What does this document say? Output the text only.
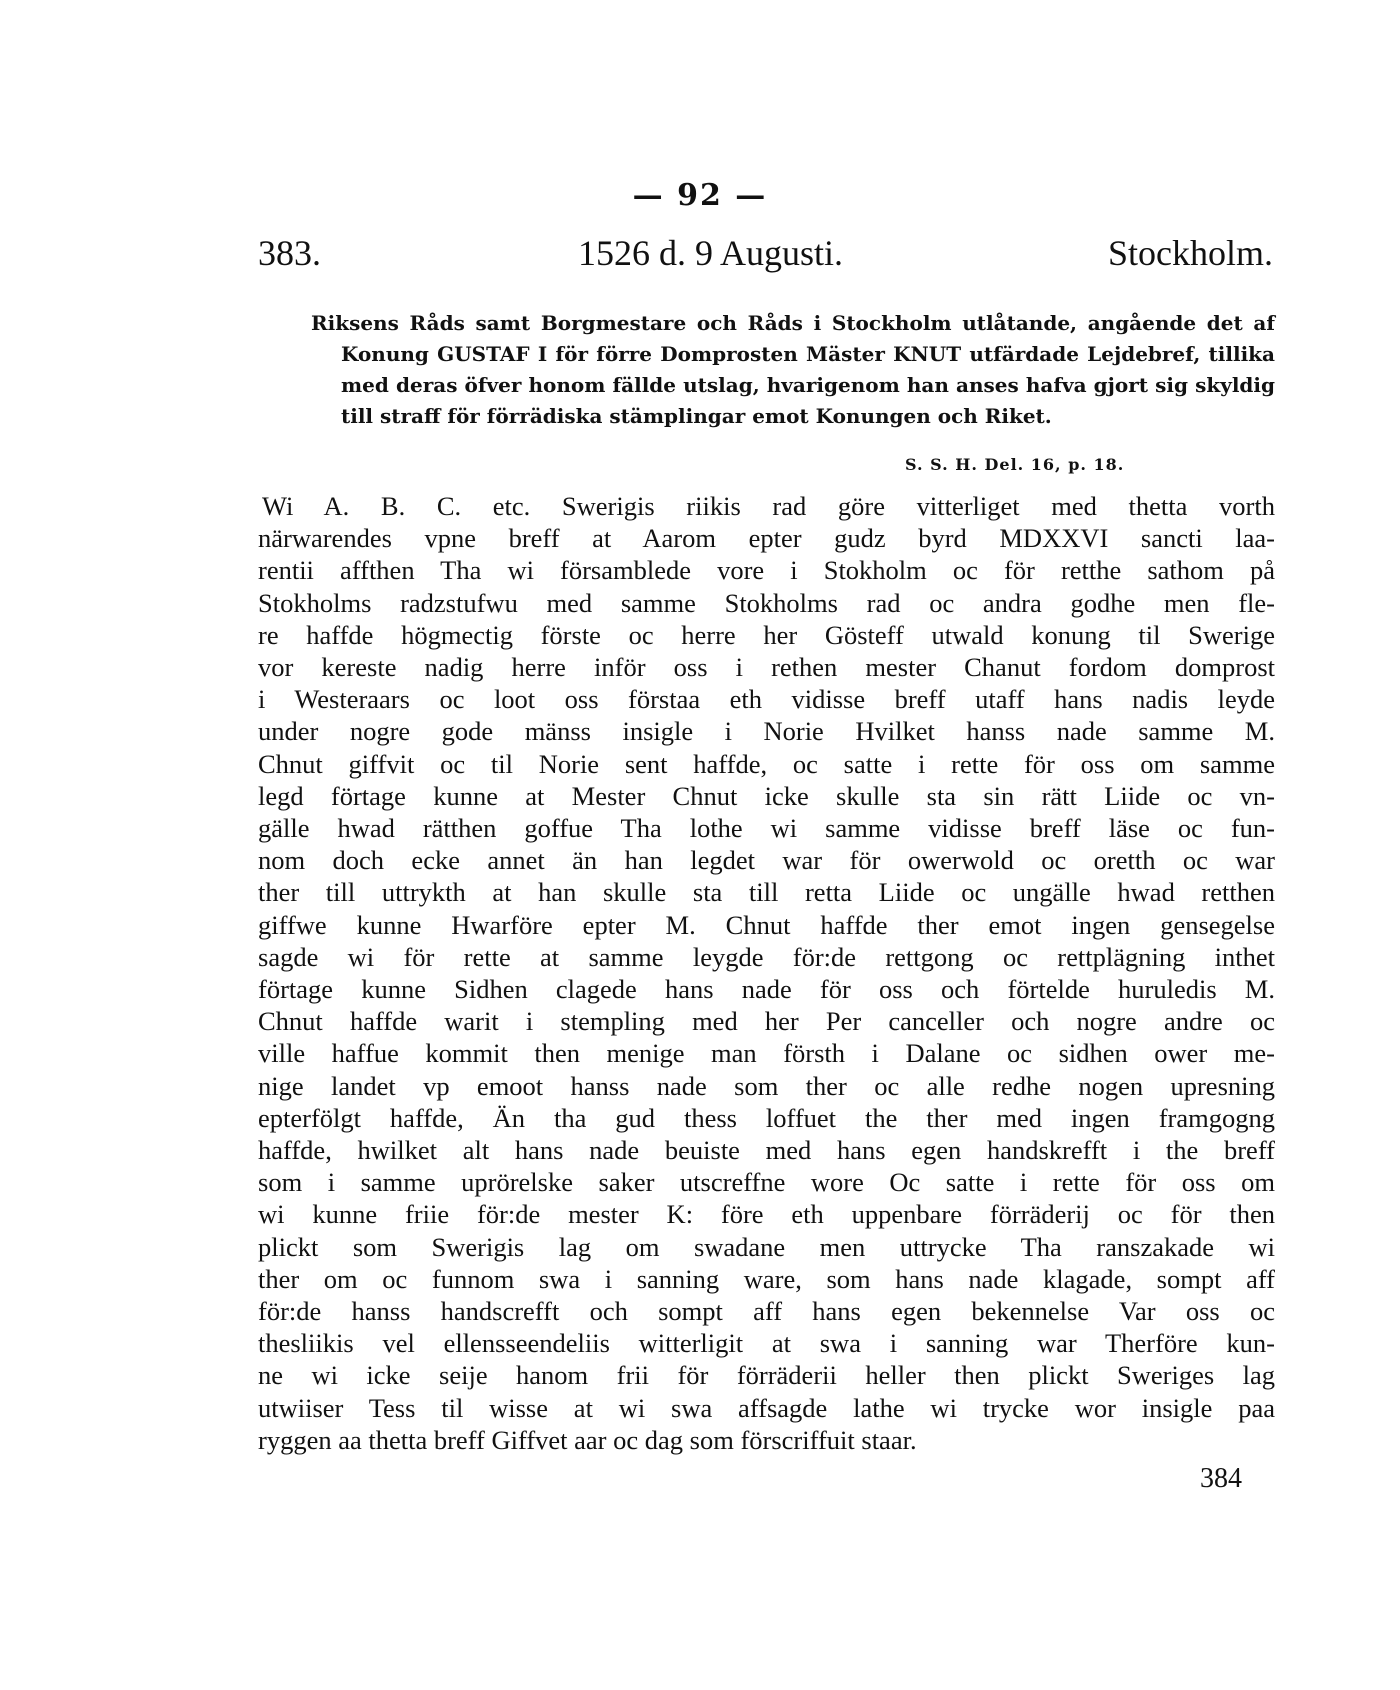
— 92 —
383.	1526 d. 9 Augusti.	Stockholm.
Riksens Råds samt Borgmestare och Råds i Stockholm utlåtande, angående det af
Konung GUSTAF I för förre Domprosten Mäster KNUT utfärdade Lejdebref, tillika
med deras öfver honom fällde utslag, hvarigenom han anses hafva gjort sig skyldig
till straff för förrädiska stämplingar emot Konungen och Riket.
S. S. H. Del. 16, p. 18.
Wi A. B. C. etc. Swerigis riikis rad göre vitterliget med thetta vorth
närwarendes vpne breff at Aarom epter gudz byrd MDXXVI sancti laa-
rentii affthen Tha wi församblede vore i Stokholm oc för retthe sathom på
Stokholms radzstufwu med samme Stokholms rad oc andra godhe men fle-
re haffde högmectig förste oc herre her Gösteff utwald konung til Swerige
vor kereste nadig herre inför oss i rethen mester Chanut fordom domprost
i Westeraars oc loot oss förstaa eth vidisse breff utaff hans nadis leyde
under nogre gode mänss insigle i Norie Hvilket hanss nade samme M.
Chnut giffvit oc til Norie sent haffde, oc satte i rette för oss om samme
legd förtage kunne at Mester Chnut icke skulle sta sin rätt Liide oc vn-
gälle hwad rätthen goffue Tha lothe wi samme vidisse breff läse oc fun-
nom doch ecke annet än han legdet war för owerwold oc oretth oc war
ther till uttrykth at han skulle sta till retta Liide oc ungälle hwad retthen
giffwe kunne Hwarföre epter M. Chnut haffde ther emot ingen gensegelse
sagde wi för rette at samme leygde för:de rettgong oc rettplägning inthet
förtage kunne Sidhen clagede hans nade för oss och förtelde huruledis M.
Chnut haffde warit i stempling med her Per canceller och nogre andre oc
ville haffue kommit then menige man försth i Dalane oc sidhen ower me-
nige landet vp emoot hanss nade som ther oc alle redhe nogen upresning
epterfölgt haffde, Än tha gud thess loffuet the ther med ingen framgogng
haffde, hwilket alt hans nade beuiste med hans egen handskrefft i the breff
som i samme uprörelske saker utscreffne wore Oc satte i rette för oss om
wi kunne friie för:de mester K: före eth uppenbare förräderij oc för then
plickt som Swerigis lag om swadane men uttrycke Tha ranszakade wi
ther om oc funnom swa i sanning ware, som hans nade klagade, sompt aff
för:de hanss handscrefft och sompt aff hans egen bekennelse Var oss oc
thesliikis vel ellensseendeliis witterligit at swa i sanning war Therföre kun-
ne wi icke seije hanom frii för förräderii heller then plickt Sweriges lag
utwiiser Tess til wisse at wi swa affsagde lathe wi trycke wor insigle paa
ryggen aa thetta breff Giffvet aar oc dag som förscriffuit staar.
384
